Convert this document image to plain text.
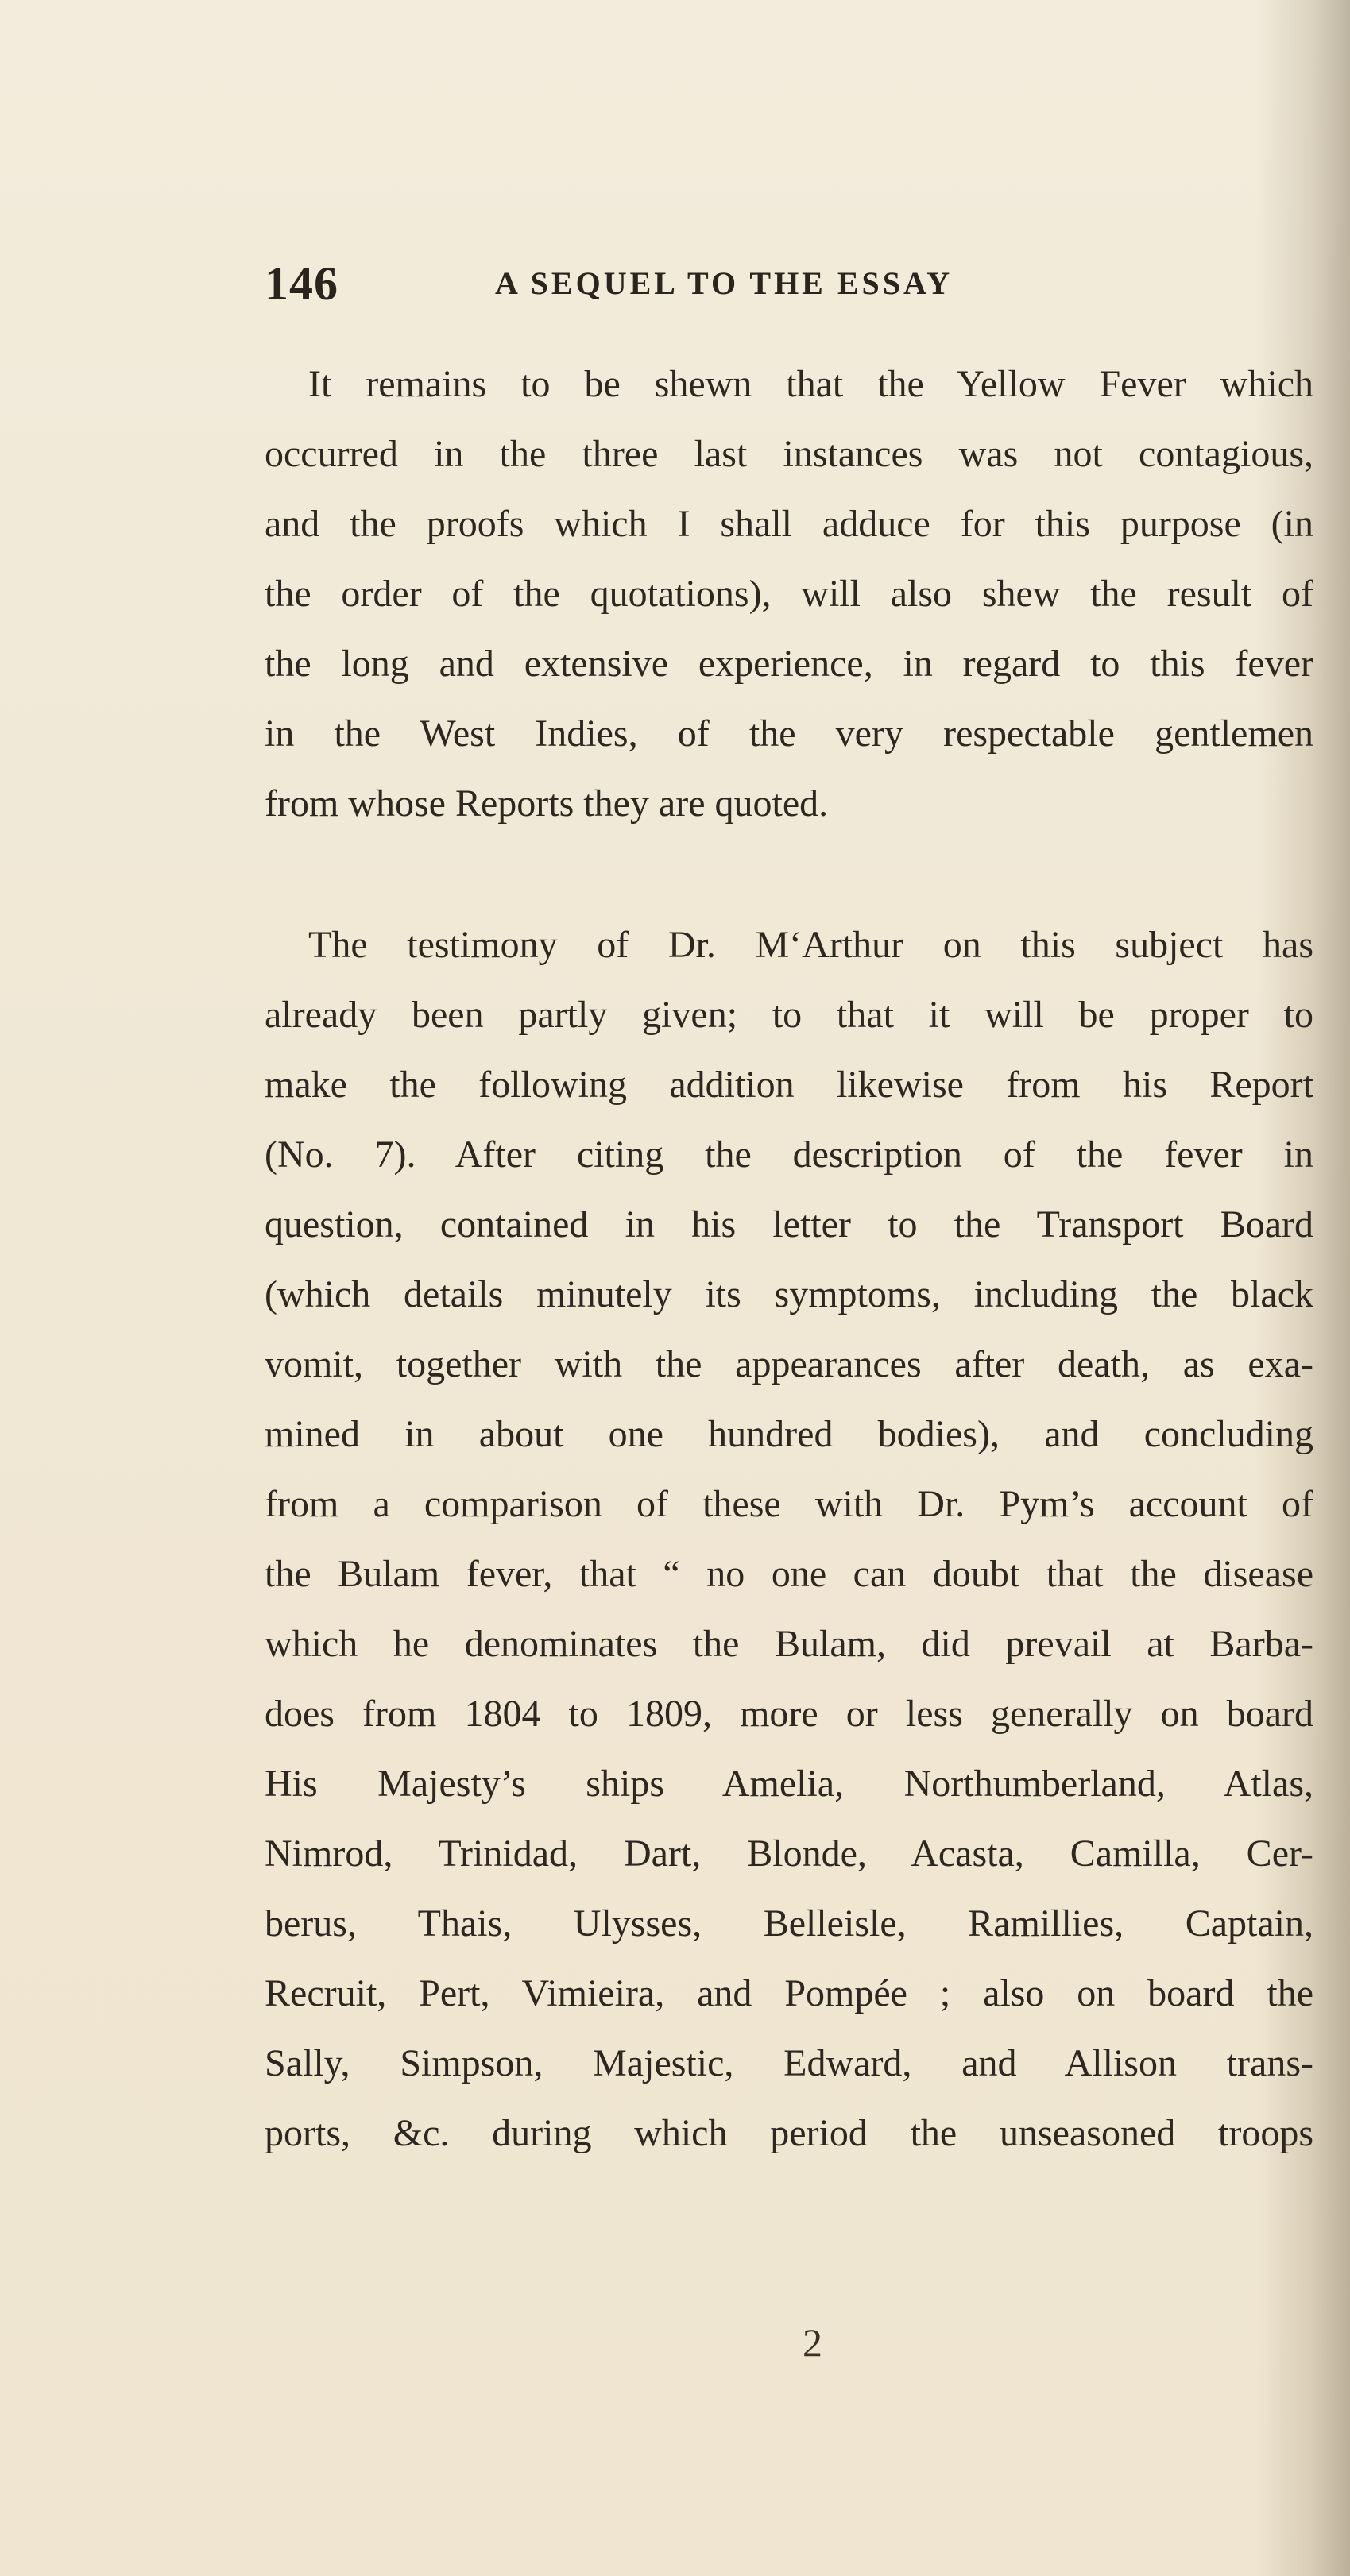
146	A SEQUEL TO THE ESSAY
It remains to be shewn that the Yellow Fever which
occurred in the three last instances was not contagious,
and the proofs which I shall adduce for this purpose (in
the order of the quotations), will also shew the result of
the long and extensive experience, in regard to this fever
in the West Indies, of the very respectable gentlemen
from whose Reports they are quoted.
The testimony of Dr. M‘Arthur on this subject has
already been partly given; to that it will be proper to
make the following addition likewise from his Report
(No. 7). After citing the description of the fever in
question, contained in his letter to the Transport Board
(which details minutely its symptoms, including the black
vomit, together with the appearances after death, as exa-
mined in about one hundred bodies), and concluding
from a comparison of these with Dr. Pym’s account of
the Bulam fever, that “ no one can doubt that the disease
which he denominates the Bulam, did prevail at Barba-
does from 1804 to 1809, more or less generally on board
His Majesty’s ships Amelia, Northumberland, Atlas,
Nimrod, Trinidad, Dart, Blonde, Acasta, Camilla, Cer-
berus, Thais, Ulysses, Belleisle, Ramillies, Captain,
Recruit, Pert, Vimieira, and Pompée ; also on board the
Sally, Simpson, Majestic, Edward, and Allison trans-
ports, &c. during which period the unseasoned troops
2
